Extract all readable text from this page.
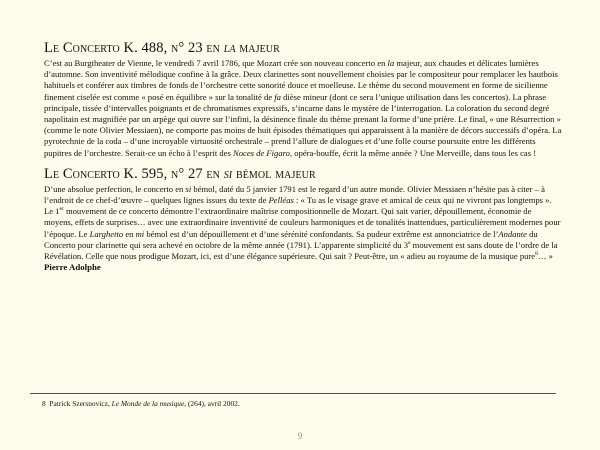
Le Concerto K. 488, n° 23 en la majeur

C’est au Burgtheater de Vienne, le vendredi 7 avril 1786, que Mozart crée son nouveau concerto en la majeur, aux chaudes et délicates lumières d’automne. Son inventivité mélodique confine à la grâce. Deux clarinettes sont nouvellement choisies par le compositeur pour remplacer les hautbois habituels et conférer aux timbres de fonds de l’orchestre cette sonorité douce et moelleuse. Le thème du second mouvement en forme de sicilienne finement ciselée est comme « posé en équilibre » sur la tonalité de fa dièse mineur (dont ce sera l’unique utilisation dans les concertos). La phrase principale, tissée d’intervalles poignants et de chromatismes expressifs, s’incarne dans le mystère de l’interrogation. La coloration du second degré napolitain est magnifiée par un arpège qui ouvre sur l’infini, la désinence finale du thème prenant la forme d’une prière. Le final, « une Résurrection » (comme le note Olivier Messiaen), ne comporte pas moins de huit épisodes thématiques qui apparaissent à la manière de décors successifs d’opéra. La pyrotechnie de la coda – d’une incroyable virtuosité orchestrale – prend l’allure de dialogues et d’une folle course poursuite entre les différents pupitres de l’orchestre. Serait-ce un écho à l’esprit des Noces de Figaro, opéra-bouffe, écrit la même année ? Une Merveille, dans tous les cas !

Le Concerto K. 595, n° 27 en si bémol majeur

D’une absolue perfection, le concerto en si bémol, daté du 5 janvier 1791 est le regard d’un autre monde. Olivier Messiaen n’hésite pas à citer – à l’endroit de ce chef-d’œuvre – quelques lignes issues du texte de Pelléas : « Tu as le visage grave et amical de ceux qui ne vivront pas longtemps ». Le 1er mouvement de ce concerto démontre l’extraordinaire maîtrise compositionnelle de Mozart. Qui sait varier, dépouillement, économie de moyens, effets de surprises… avec une extraordinaire inventivité de couleurs harmoniques et de tonalités inattendues, particulièrement modernes pour l’époque. Le Larghetto en mi bémol est d’un dépouillement et d’une sérénité confondants. Sa pudeur extrême est annonciatrice de l’Andante du Concerto pour clarinette qui sera achevé en octobre de la même année (1791). L’apparente simplicité du 3e mouvement est sans doute de l’ordre de la Révélation. Celle que nous prodigue Mozart, ici, est d’une élégance supérieure. Qui sait ? Peut-être, un « adieu au royaume de la musique pure$^8$… »

Pierre Adolphe
8 Patrick Szersnovicz, Le Monde de la musique, (264), avril 2002.
9
